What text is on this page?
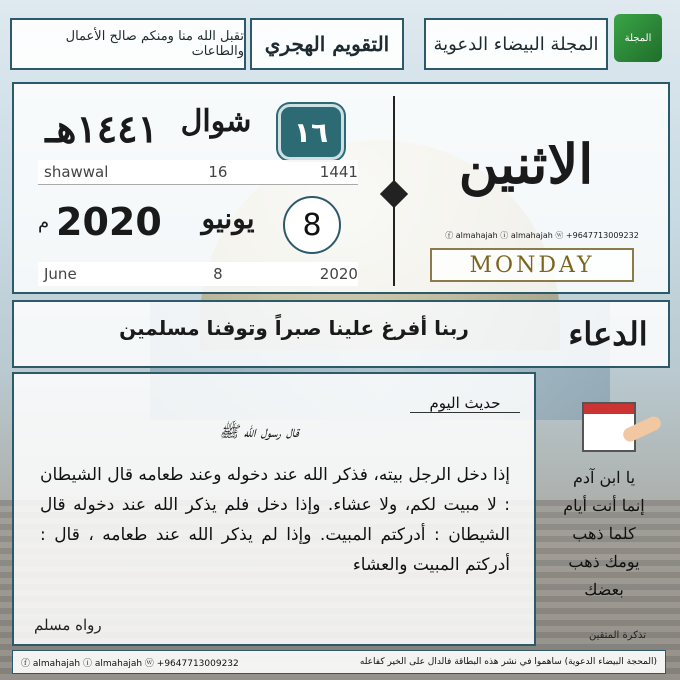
المجلة
المجلة البيضاء الدعوية
التقويم الهجري
تقبل الله منا ومنكم صالح الأعمال والطاعات
الاثنين
ⓕ almahajah ⓘ almahajah ⓦ +9647713009232
MONDAY
١٤٤١هـ شوال	١٦
shawwal	16	1441
م 2020	يونيو	8
June	8	2020
الدعاء
ربنا أفرغ علينا صبراً وتوفنا مسلمين
حديث اليوم
قال رسول الله ﷺ
إذا دخل الرجل بيته، فذكر الله عند دخوله وعند طعامه قال الشيطان : لا مبيت لكم، ولا عشاء. وإذا دخل فلم يذكر الله عند دخوله قال الشيطان : أدركتم المبيت. وإذا لم يذكر الله عند طعامه ، قال : أدركتم المبيت والعشاء
رواه مسلم
يا ابن آدم
إنما أنت أيام
كلما ذهب
يومك ذهب
بعضك
تذكرة المتقين
ⓕ almahajah ⓘ almahajah ⓦ +9647713009232	(المحجة البيضاء الدعوية) ساهموا في نشر هذه البطاقة فالدال على الخير كفاعله
